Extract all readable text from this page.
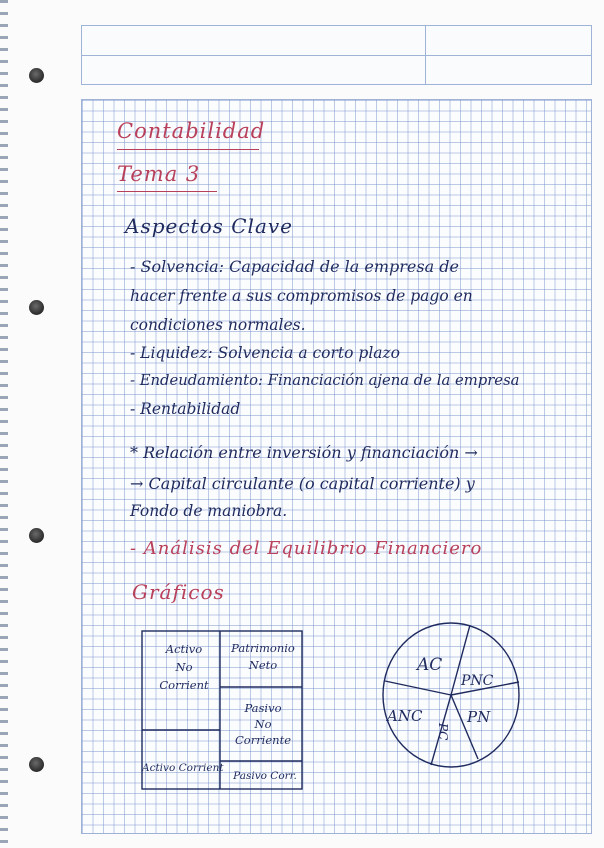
Contabilidad

Tema 3

Aspectos Clave

- Solvencia: Capacidad de la empresa de

hacer frente a sus compromisos de pago en

condiciones normales.

- Liquidez: Solvencia a corto plazo

- Endeudamiento: Financiación ajena de la empresa

- Rentabilidad

* Relación entre inversión y financiación →

→ Capital circulante (o capital corriente) y

Fondo de maniobra.

- Análisis del Equilibrio Financiero

Gráficos

Activo
No
Corrient
Activo Corrient
Patrimonio
Neto
Pasivo
No
Corriente
Pasivo Corr.
AC
PNC
PN
PC
ANC
